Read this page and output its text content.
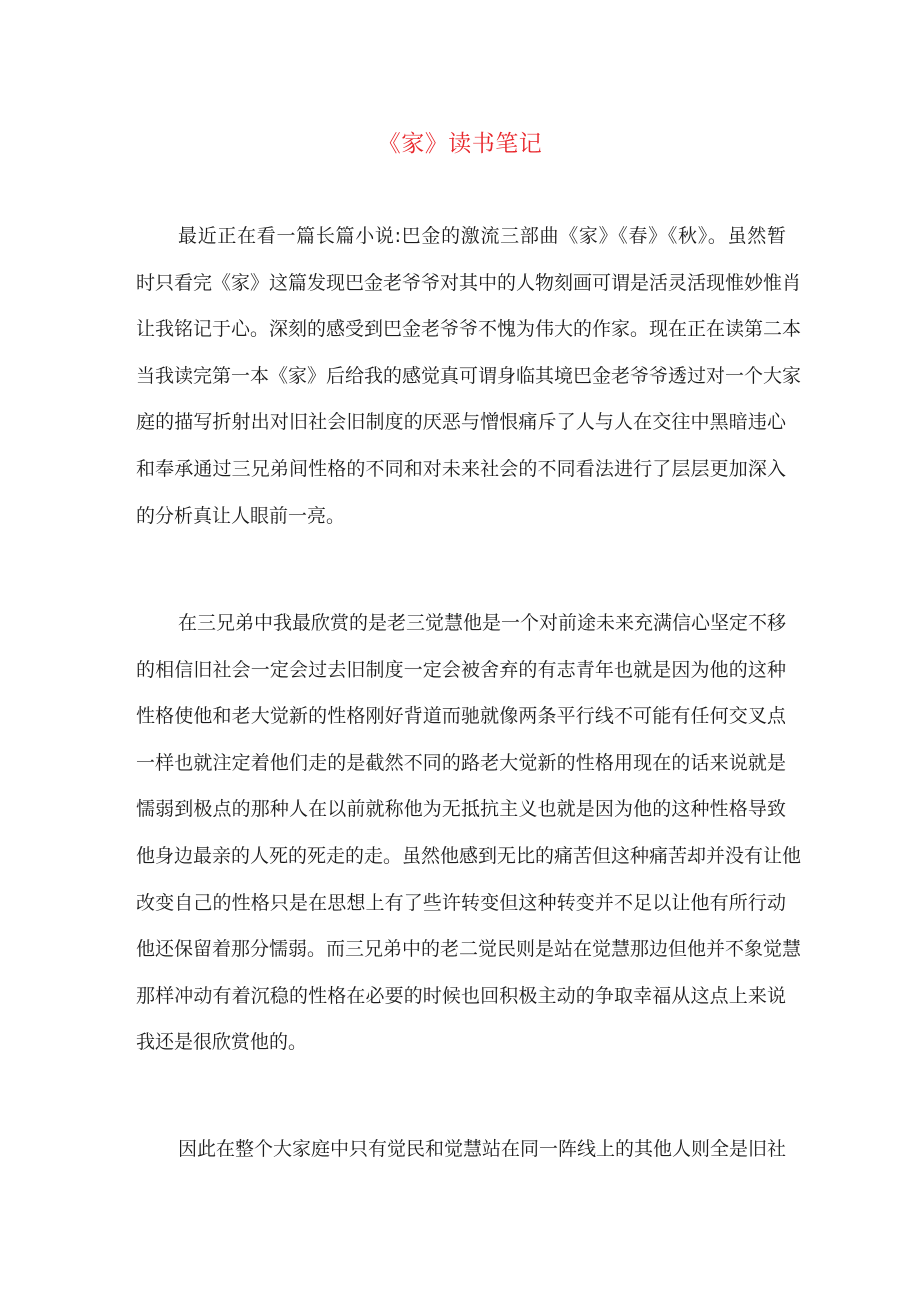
《家》读书笔记
最近正在看一篇长篇小说:巴金的激流三部曲《家》《春》《秋》。虽然暂
时只看完《家》这篇发现巴金老爷爷对其中的人物刻画可谓是活灵活现惟妙惟肖
让我铭记于心。深刻的感受到巴金老爷爷不愧为伟大的作家。现在正在读第二本
当我读完第一本《家》后给我的感觉真可谓身临其境巴金老爷爷透过对一个大家
庭的描写折射出对旧社会旧制度的厌恶与憎恨痛斥了人与人在交往中黑暗违心
和奉承通过三兄弟间性格的不同和对未来社会的不同看法进行了层层更加深入
的分析真让人眼前一亮。
在三兄弟中我最欣赏的是老三觉慧他是一个对前途未来充满信心坚定不移
的相信旧社会一定会过去旧制度一定会被舍弃的有志青年也就是因为他的这种
性格使他和老大觉新的性格刚好背道而驰就像两条平行线不可能有任何交叉点
一样也就注定着他们走的是截然不同的路老大觉新的性格用现在的话来说就是
懦弱到极点的那种人在以前就称他为无抵抗主义也就是因为他的这种性格导致
他身边最亲的人死的死走的走。虽然他感到无比的痛苦但这种痛苦却并没有让他
改变自己的性格只是在思想上有了些许转变但这种转变并不足以让他有所行动
他还保留着那分懦弱。而三兄弟中的老二觉民则是站在觉慧那边但他并不象觉慧
那样冲动有着沉稳的性格在必要的时候也回积极主动的争取幸福从这点上来说
我还是很欣赏他的。
因此在整个大家庭中只有觉民和觉慧站在同一阵线上的其他人则全是旧社
